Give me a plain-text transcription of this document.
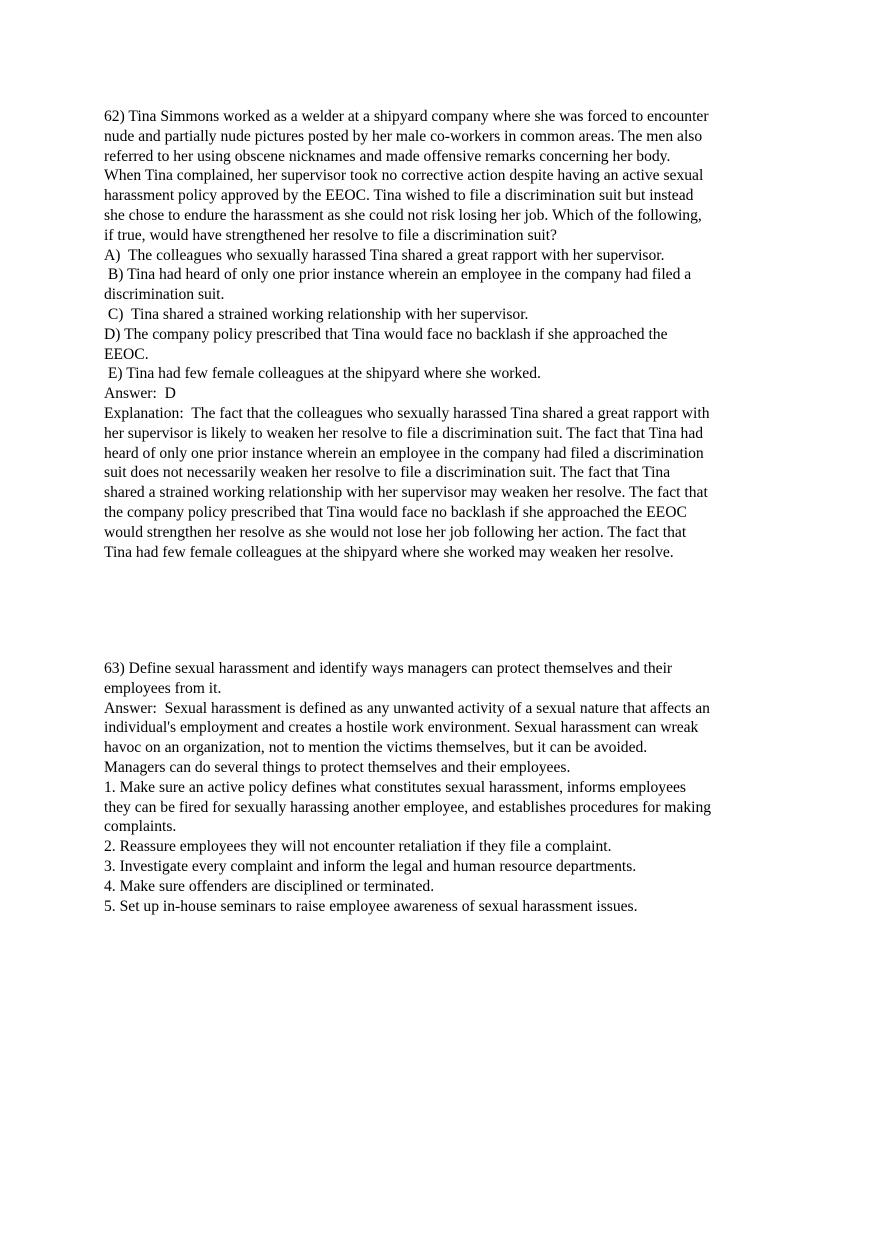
62) Tina Simmons worked as a welder at a shipyard company where she was forced to encounter
nude and partially nude pictures posted by her male co-workers in common areas. The men also
referred to her using obscene nicknames and made offensive remarks concerning her body.
When Tina complained, her supervisor took no corrective action despite having an active sexual
harassment policy approved by the EEOC. Tina wished to file a discrimination suit but instead
she chose to endure the harassment as she could not risk losing her job. Which of the following,
if true, would have strengthened her resolve to file a discrimination suit?
A)  The colleagues who sexually harassed Tina shared a great rapport with her supervisor.
B) Tina had heard of only one prior instance wherein an employee in the company had filed a
discrimination suit.
C)  Tina shared a strained working relationship with her supervisor.
D) The company policy prescribed that Tina would face no backlash if she approached the
EEOC.
E) Tina had few female colleagues at the shipyard where she worked.
Answer:  D
Explanation:  The fact that the colleagues who sexually harassed Tina shared a great rapport with
her supervisor is likely to weaken her resolve to file a discrimination suit. The fact that Tina had
heard of only one prior instance wherein an employee in the company had filed a discrimination
suit does not necessarily weaken her resolve to file a discrimination suit. The fact that Tina
shared a strained working relationship with her supervisor may weaken her resolve. The fact that
the company policy prescribed that Tina would face no backlash if she approached the EEOC
would strengthen her resolve as she would not lose her job following her action. The fact that
Tina had few female colleagues at the shipyard where she worked may weaken her resolve.
63) Define sexual harassment and identify ways managers can protect themselves and their
employees from it.
Answer:  Sexual harassment is defined as any unwanted activity of a sexual nature that affects an
individual's employment and creates a hostile work environment. Sexual harassment can wreak
havoc on an organization, not to mention the victims themselves, but it can be avoided.
Managers can do several things to protect themselves and their employees.
1. Make sure an active policy defines what constitutes sexual harassment, informs employees
they can be fired for sexually harassing another employee, and establishes procedures for making
complaints.
2. Reassure employees they will not encounter retaliation if they file a complaint.
3. Investigate every complaint and inform the legal and human resource departments.
4. Make sure offenders are disciplined or terminated.
5. Set up in-house seminars to raise employee awareness of sexual harassment issues.
